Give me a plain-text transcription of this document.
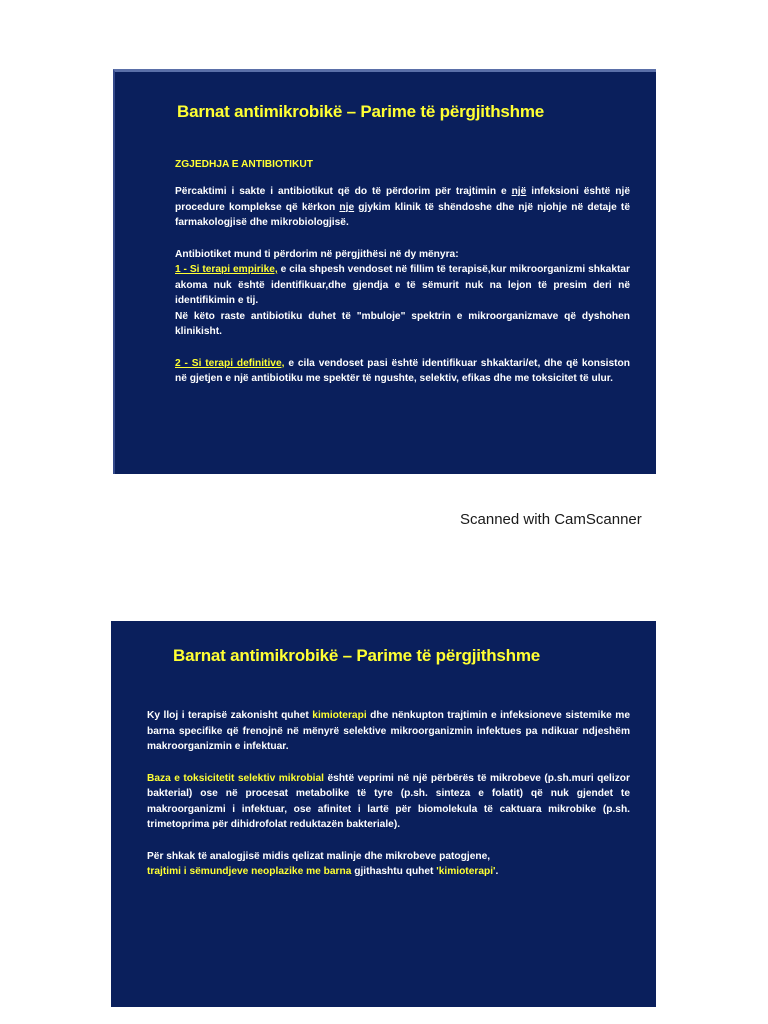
Barnat antimikrobikë – Parime të përgjithshme

ZGJEDHJA E ANTIBIOTIKUT

Përcaktimi i sakte i antibiotikut që do të përdorim për trajtimin e një infeksioni është një procedure komplekse që kërkon nje gjykim klinik të shëndoshe dhe një njohje në detaje të farmakologjisë dhe mikrobiologjisë.

Antibiotiket mund ti përdorim në përgjithësi në dy mënyra:

1 - Si terapi empirike, e cila shpesh vendoset në fillim të terapisë,kur mikroorganizmi shkaktar akoma nuk është identifikuar,dhe gjendja e të sëmurit nuk na lejon të presim deri në identifikimin e tij.

Në këto raste antibiotiku duhet të "mbuloje" spektrin e mikroorganizmave që dyshohen klinikisht.

2 - Si terapi definitive, e cila vendoset pasi është identifikuar shkaktari/et, dhe që konsiston në gjetjen e një antibiotiku me spektër të ngushte, selektiv, efikas dhe me toksicitet të ulur.

Scanned with CamScanner
Barnat antimikrobikë – Parime të përgjithshme

Ky lloj i terapisë zakonisht quhet kimioterapi dhe nënkupton trajtimin e infeksioneve sistemike me barna specifike që frenojnë në mënyrë selektive mikroorganizmin infektues pa ndikuar ndjeshëm makroorganizmin e infektuar.

Baza e toksicitetit selektiv mikrobial është veprimi në një përbërës të mikrobeve (p.sh.muri qelizor bakterial) ose në procesat metabolike të tyre (p.sh. sinteza e folatit) që nuk gjendet te makroorganizmi i infektuar, ose afinitet i lartë për biomolekula të caktuara mikrobike (p.sh. trimetoprima për dihidrofolat reduktazën bakteriale).

Për shkak të analogjisë midis qelizat malinje dhe mikrobeve patogjene,
trajtimi i sëmundjeve neoplazike me barna gjithashtu quhet 'kimioterapi'.
